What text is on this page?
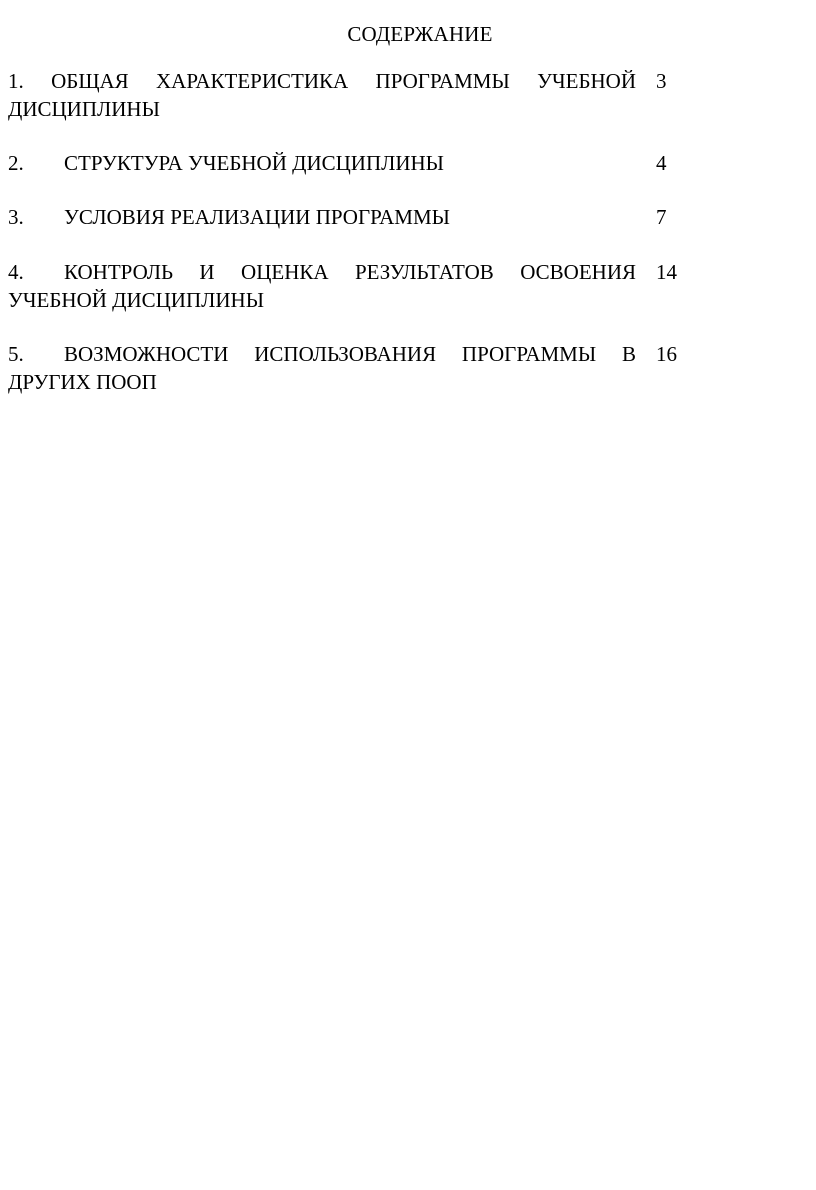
СОДЕРЖАНИЕ
1. ОБЩАЯ ХАРАКТЕРИСТИКА ПРОГРАММЫ УЧЕБНОЙ ДИСЦИПЛИНЫ
3
2. СТРУКТУРА УЧЕБНОЙ ДИСЦИПЛИНЫ	4
3. УСЛОВИЯ РЕАЛИЗАЦИИ ПРОГРАММЫ	7
4. КОНТРОЛЬ И ОЦЕНКА РЕЗУЛЬТАТОВ ОСВОЕНИЯ УЧЕБНОЙ ДИСЦИПЛИНЫ
14
5. ВОЗМОЖНОСТИ ИСПОЛЬЗОВАНИЯ ПРОГРАММЫ В ДРУГИХ ПООП
16
